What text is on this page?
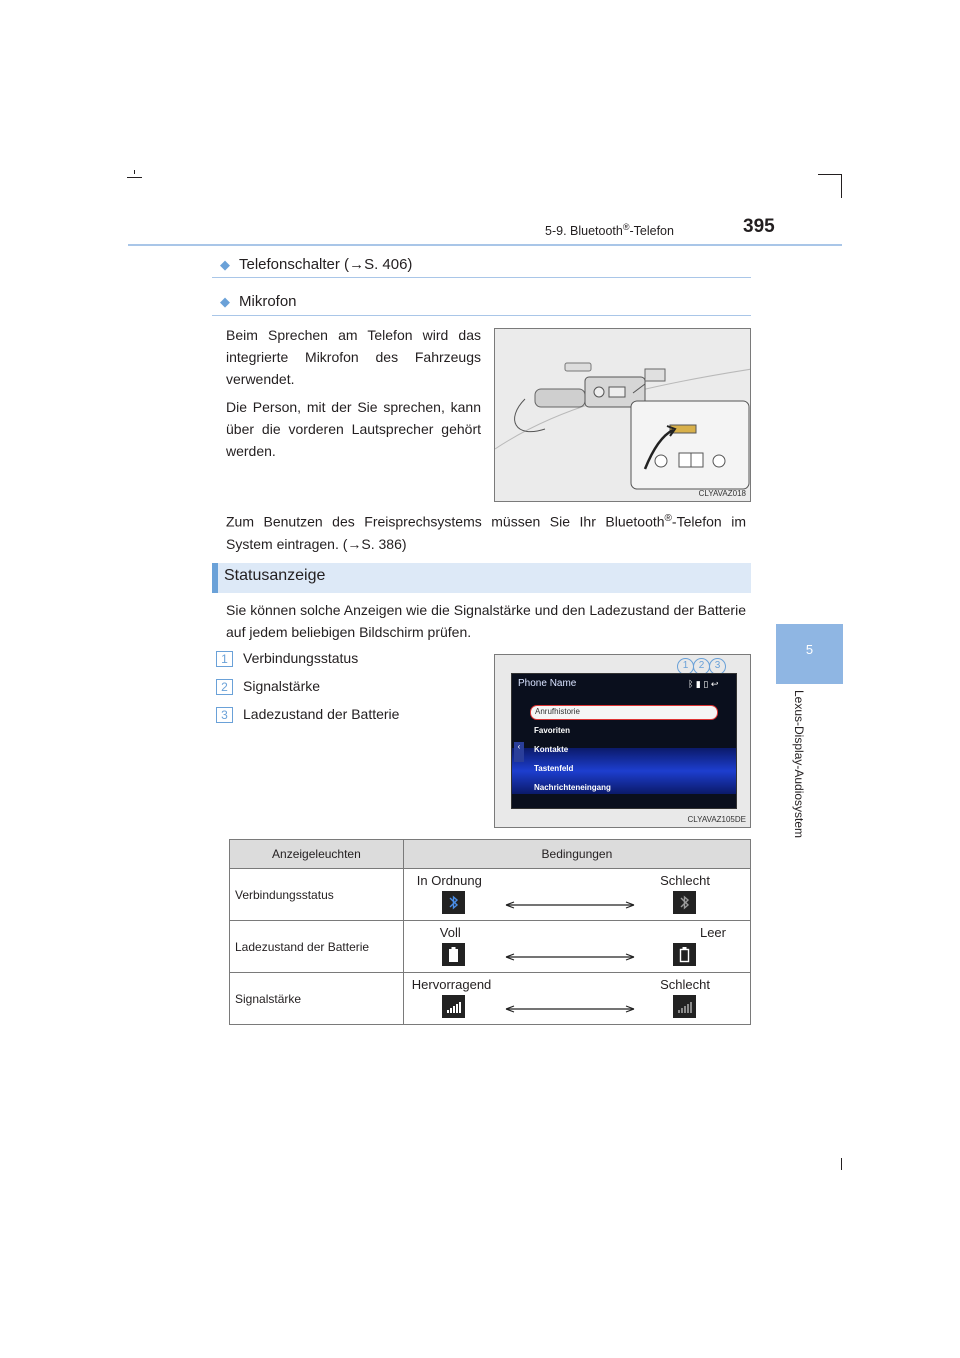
5-9. Bluetooth®-Telefon	395
5
Lexus-Display-Audiosystem
◆ Telefonschalter (→S. 406)
◆ Mikrofon
Beim Sprechen am Telefon wird das integrierte Mikrofon des Fahrzeugs verwendet.
Die Person, mit der Sie sprechen, kann über die vorderen Lautsprecher gehört werden.
CLYAVAZ018
Zum Benutzen des Freisprechsystems müssen Sie Ihr Bluetooth®-Telefon im System eintragen. (→S. 386)
Statusanzeige
Sie können solche Anzeigen wie die Signalstärke und den Ladezustand der Batterie auf jedem beliebigen Bildschirm prüfen.
1	Verbindungsstatus
2	Signalstärke
3	Ladezustand der Batterie
1	2	3
Phone Name	ᛒ ▮ ▯ ↩
Anrufhistorie
Favoriten
Kontakte
Tastenfeld
Nachrichteneingang
‹
CLYAVAZ105DE
Anzeigeleuchten	Bedingungen
Verbindungsstatus	In Ordnung Schlecht

Ladezustand der Batterie	Voll Leer

Signalstärke	Hervorragend Schlecht
